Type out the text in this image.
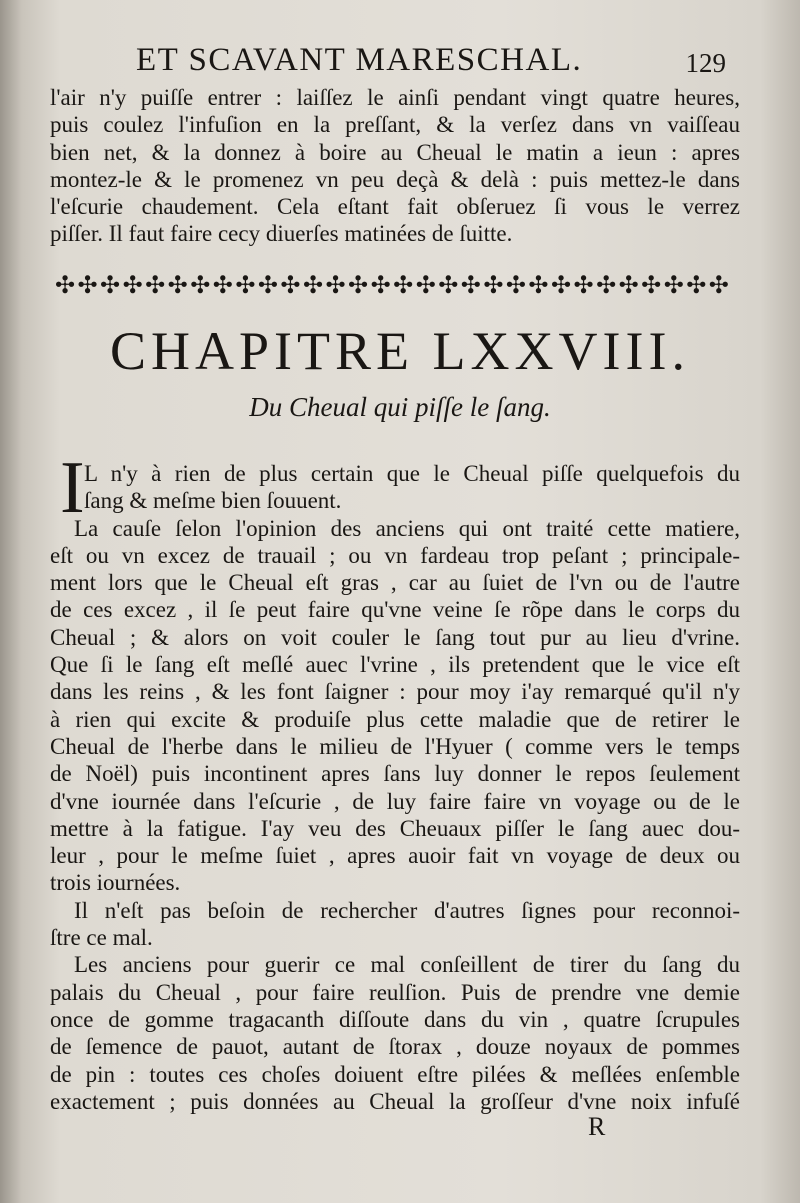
ET SCAVANT MARESCHAL.	129
l'air n'y puiſſe entrer : laiſſez le ainſi pendant vingt quatre heures,
puis coulez l'infuſion en la preſſant, & la verſez dans vn vaiſſeau
bien net, & la donnez à boire au Cheual le matin a ieun : apres
montez-le & le promenez vn peu deçà & delà : puis mettez-le dans
l'eſcurie chaudement. Cela eſtant fait obſeruez ſi vous le verrez
piſſer. Il faut faire cecy diuerſes matinées de ſuitte.
✣ ✣ ✣ ✣ ✣ ✣ ✣ ✣ ✣ ✣ ✣ ✣ ✣ ✣ ✣ ✣ ✣ ✣ ✣ ✣ ✣ ✣ ✣ ✣ ✣ ✣ ✣ ✣ ✣ ✣
CHAPITRE LXXVIII.
Du Cheual qui piſſe le ſang.
I L n'y à rien de plus certain que le Cheual piſſe quelquefois du
ſang & meſme bien ſouuent.
La cauſe ſelon l'opinion des anciens qui ont traité cette matiere,
eſt ou vn excez de trauail ; ou vn fardeau trop peſant ; principale-
ment lors que le Cheual eſt gras , car au ſuiet de l'vn ou de l'autre
de ces excez , il ſe peut faire qu'vne veine ſe rõpe dans le corps du
Cheual ; & alors on voit couler le ſang tout pur au lieu d'vrine.
Que ſi le ſang eſt meſlé auec l'vrine , ils pretendent que le vice eſt
dans les reins , & les font ſaigner : pour moy i'ay remarqué qu'il n'y
à rien qui excite & produiſe plus cette maladie que de retirer le
Cheual de l'herbe dans le milieu de l'Hyuer ( comme vers le temps
de Noël) puis incontinent apres ſans luy donner le repos ſeulement
d'vne iournée dans l'eſcurie , de luy faire faire vn voyage ou de le
mettre à la fatigue. I'ay veu des Cheuaux piſſer le ſang auec dou-
leur , pour le meſme ſuiet , apres auoir fait vn voyage de deux ou
trois iournées.
Il n'eſt pas beſoin de rechercher d'autres ſignes pour reconnoi-
ſtre ce mal.
Les anciens pour guerir ce mal conſeillent de tirer du ſang du
palais du Cheual , pour faire reulſion. Puis de prendre vne demie
once de gomme tragacanth diſſoute dans du vin , quatre ſcrupules
de ſemence de pauot, autant de ſtorax , douze noyaux de pommes
de pin : toutes ces choſes doiuent eſtre pilées & meſlées enſemble
exactement ; puis données au Cheual la groſſeur d'vne noix infuſé
R
